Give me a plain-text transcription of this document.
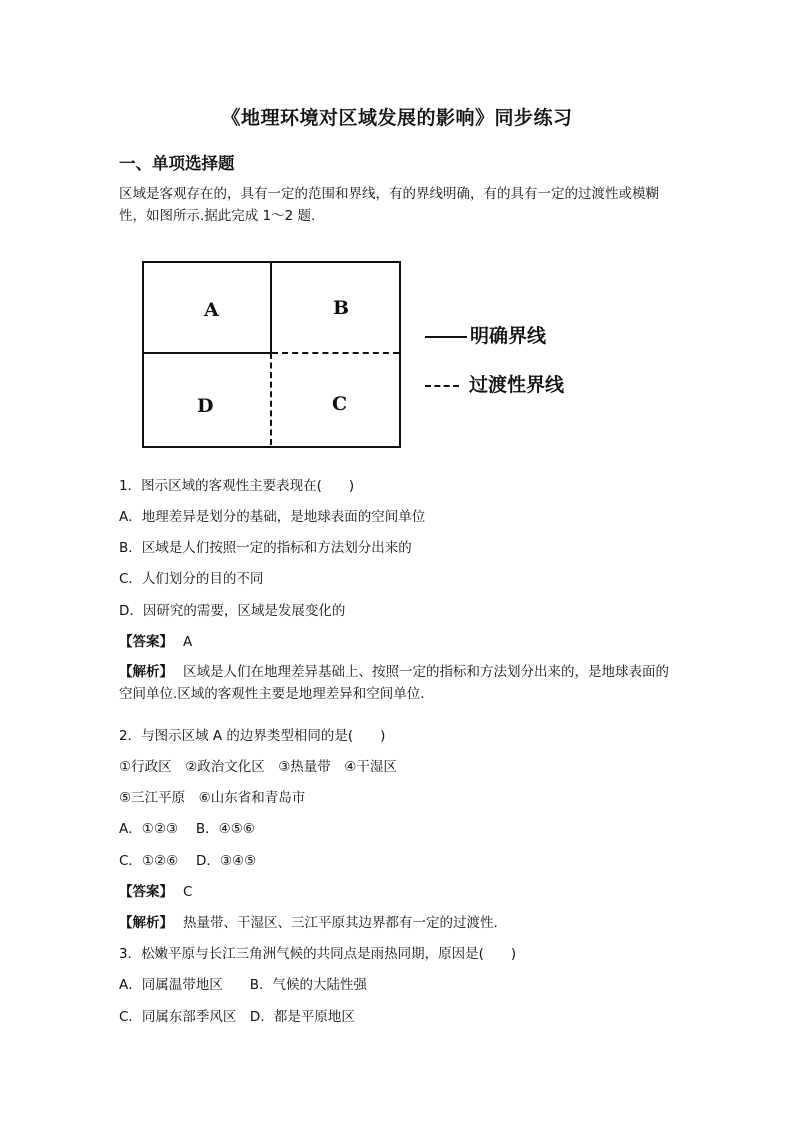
《地理环境对区域发展的影响》同步练习
一、单项选择题
区域是客观存在的，具有一定的范围和界线，有的界线明确，有的具有一定的过渡性或模糊性，如图所示.据此完成 1～2 题.
A	B
C
D
明确界线
过渡性界线
1．图示区域的客观性主要表现在(　　)
A．地理差异是划分的基础，是地球表面的空间单位
B．区域是人们按照一定的指标和方法划分出来的
C．人们划分的目的不同
D．因研究的需要，区域是发展变化的
【答案】 A
【解析】 区域是人们在地理差异基础上、按照一定的指标和方法划分出来的，是地球表面的空间单位.区域的客观性主要是地理差异和空间单位.
2．与图示区域 A 的边界类型相同的是(　　)
①行政区　②政治文化区　③热量带　④干湿区
⑤三江平原　⑥山东省和青岛市
A．①②③　 B．④⑤⑥
C．①②⑥　 D．③④⑤
【答案】 C
【解析】 热量带、干湿区、三江平原其边界都有一定的过渡性.
3．松嫩平原与长江三角洲气候的共同点是雨热同期，原因是(　　)
A．同属温带地区　　B．气候的大陆性强
C．同属东部季风区　D．都是平原地区
